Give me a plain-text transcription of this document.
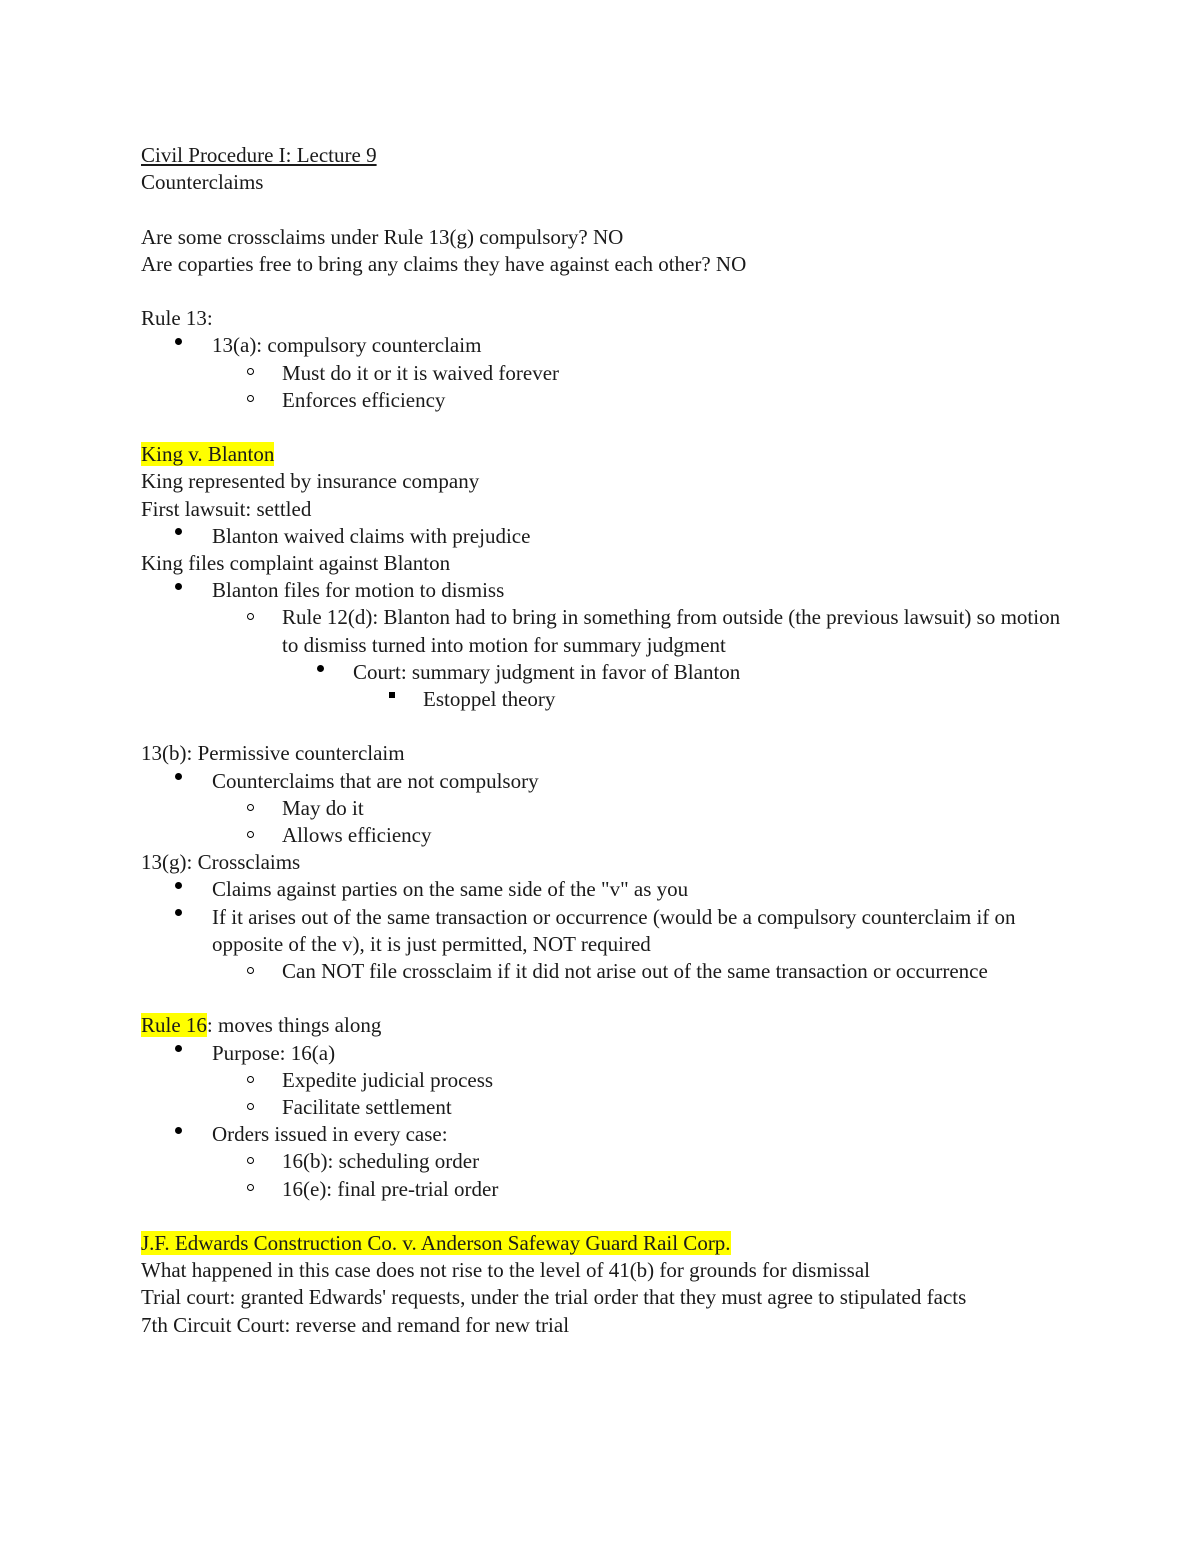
Civil Procedure I: Lecture 9
Counterclaims
Are some crossclaims under Rule 13(g) compulsory? NO
Are coparties free to bring any claims they have against each other? NO
Rule 13:
13(a): compulsory counterclaim
Must do it or it is waived forever
Enforces efficiency
King v. Blanton
King represented by insurance company
First lawsuit: settled
Blanton waived claims with prejudice
King files complaint against Blanton
Blanton files for motion to dismiss
Rule 12(d): Blanton had to bring in something from outside (the previous lawsuit) so motion to dismiss turned into motion for summary judgment
Court: summary judgment in favor of Blanton
Estoppel theory
13(b): Permissive counterclaim
Counterclaims that are not compulsory
May do it
Allows efficiency
13(g): Crossclaims
Claims against parties on the same side of the "v" as you
If it arises out of the same transaction or occurrence (would be a compulsory counterclaim if on opposite of the v), it is just permitted, NOT required
Can NOT file crossclaim if it did not arise out of the same transaction or occurrence
Rule 16: moves things along
Purpose: 16(a)
Expedite judicial process
Facilitate settlement
Orders issued in every case:
16(b): scheduling order
16(e): final pre-trial order
J.F. Edwards Construction Co. v. Anderson Safeway Guard Rail Corp.
What happened in this case does not rise to the level of 41(b) for grounds for dismissal
Trial court: granted Edwards' requests, under the trial order that they must agree to stipulated facts
7th Circuit Court: reverse and remand for new trial
